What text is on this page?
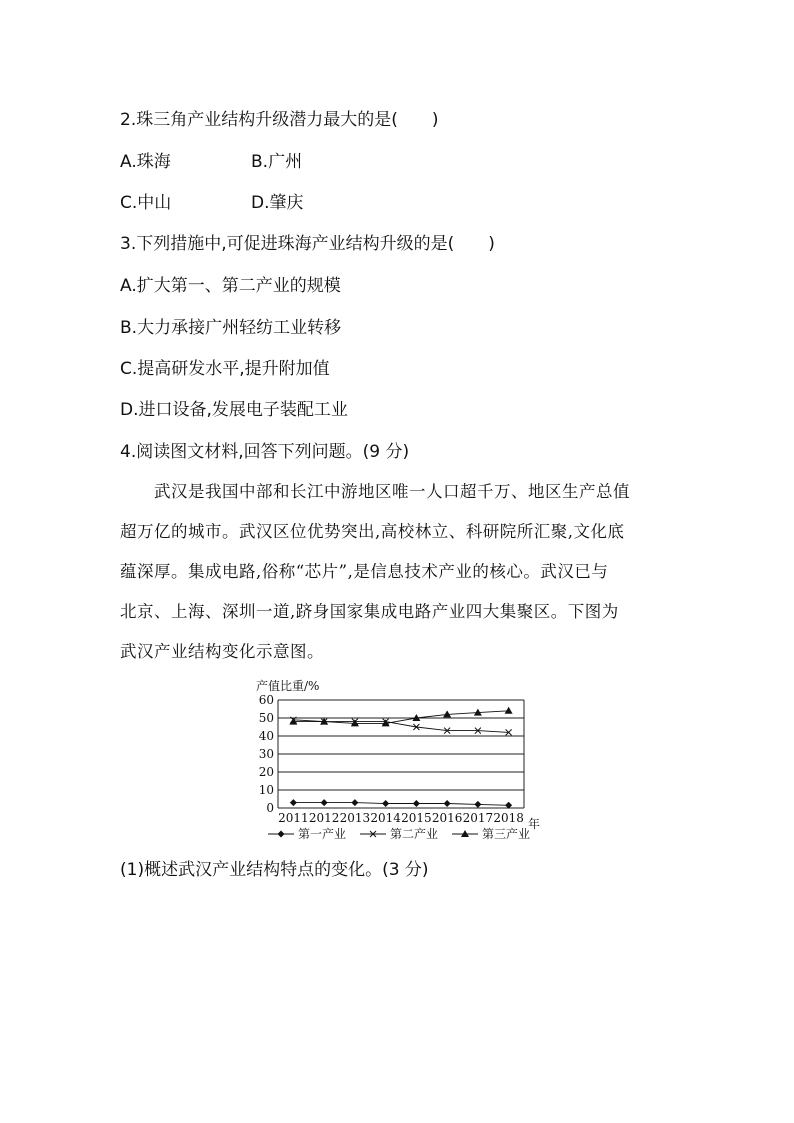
2.珠三角产业结构升级潜力最大的是(　　)
A.珠海	B.广州
C.中山	D.肇庆
3.下列措施中,可促进珠海产业结构升级的是(　　)
A.扩大第一、第二产业的规模
B.大力承接广州轻纺工业转移
C.提高研发水平,提升附加值
D.进口设备,发展电子装配工业
4.阅读图文材料,回答下列问题。(9 分)

　　武汉是我国中部和长江中游地区唯一人口超千万、地区生产总值

超万亿的城市。武汉区位优势突出,高校林立、科研院所汇聚,文化底

蕴深厚。集成电路,俗称“芯片”,是信息技术产业的核心。武汉已与

北京、上海、深圳一道,跻身国家集成电路产业四大集聚区。下图为

武汉产业结构变化示意图。

0
10
20
30
40
50
60
2011 2012 2013 2014 2015 2016 2017 2018
第一产业	第二产业	第三产业
产值比重/%
年
(1)概述武汉产业结构特点的变化。(3 分)
